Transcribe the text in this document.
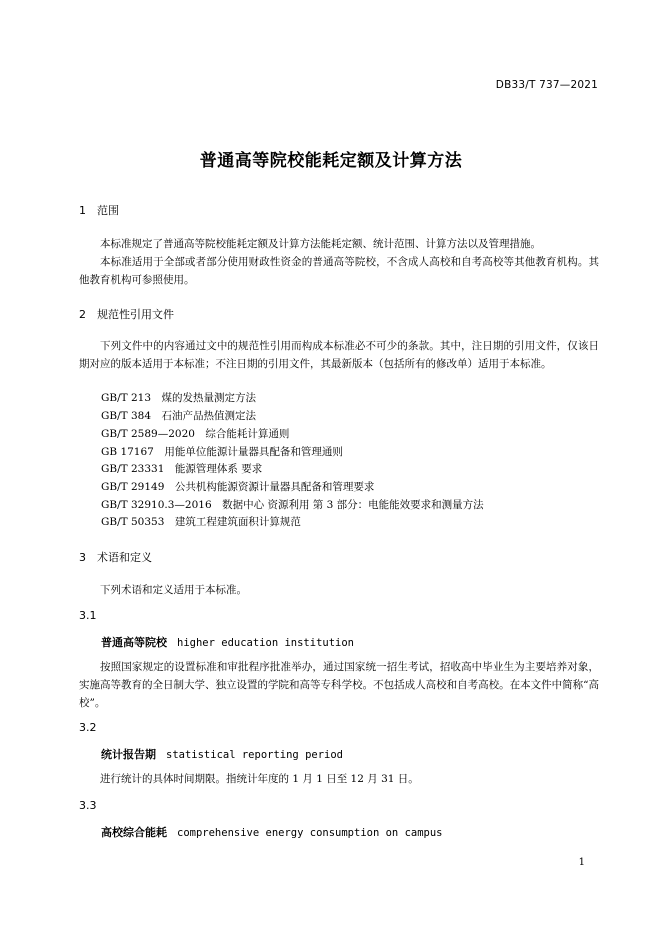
DB33/T 737—2021
普通高等院校能耗定额及计算方法
1 范围
本标准规定了普通高等院校能耗定额及计算方法能耗定额、统计范围、计算方法以及管理措施。
本标准适用于全部或者部分使用财政性资金的普通高等院校，不含成人高校和自考高校等其他教育机构。其他教育机构可参照使用。
2 规范性引用文件
下列文件中的内容通过文中的规范性引用而构成本标准必不可少的条款。其中，注日期的引用文件，仅该日期对应的版本适用于本标准；不注日期的引用文件，其最新版本（包括所有的修改单）适用于本标准。
GB/T 213　煤的发热量测定方法
GB/T 384　石油产品热值测定法
GB/T 2589—2020　综合能耗计算通则
GB 17167　用能单位能源计量器具配备和管理通则
GB/T 23331　能源管理体系 要求
GB/T 29149　公共机构能源资源计量器具配备和管理要求
GB/T 32910.3—2016　数据中心 资源利用 第 3 部分：电能能效要求和测量方法
GB/T 50353　建筑工程建筑面积计算规范
3 术语和定义
下列术语和定义适用于本标准。
3.1
普通高等院校 higher education institution
按照国家规定的设置标准和审批程序批准举办，通过国家统一招生考试，招收高中毕业生为主要培养对象，实施高等教育的全日制大学、独立设置的学院和高等专科学校。不包括成人高校和自考高校。在本文件中简称“高校”。
3.2
统计报告期 statistical reporting period
进行统计的具体时间期限。指统计年度的 1 月 1 日至 12 月 31 日。
3.3
高校综合能耗 comprehensive energy consumption on campus
1
